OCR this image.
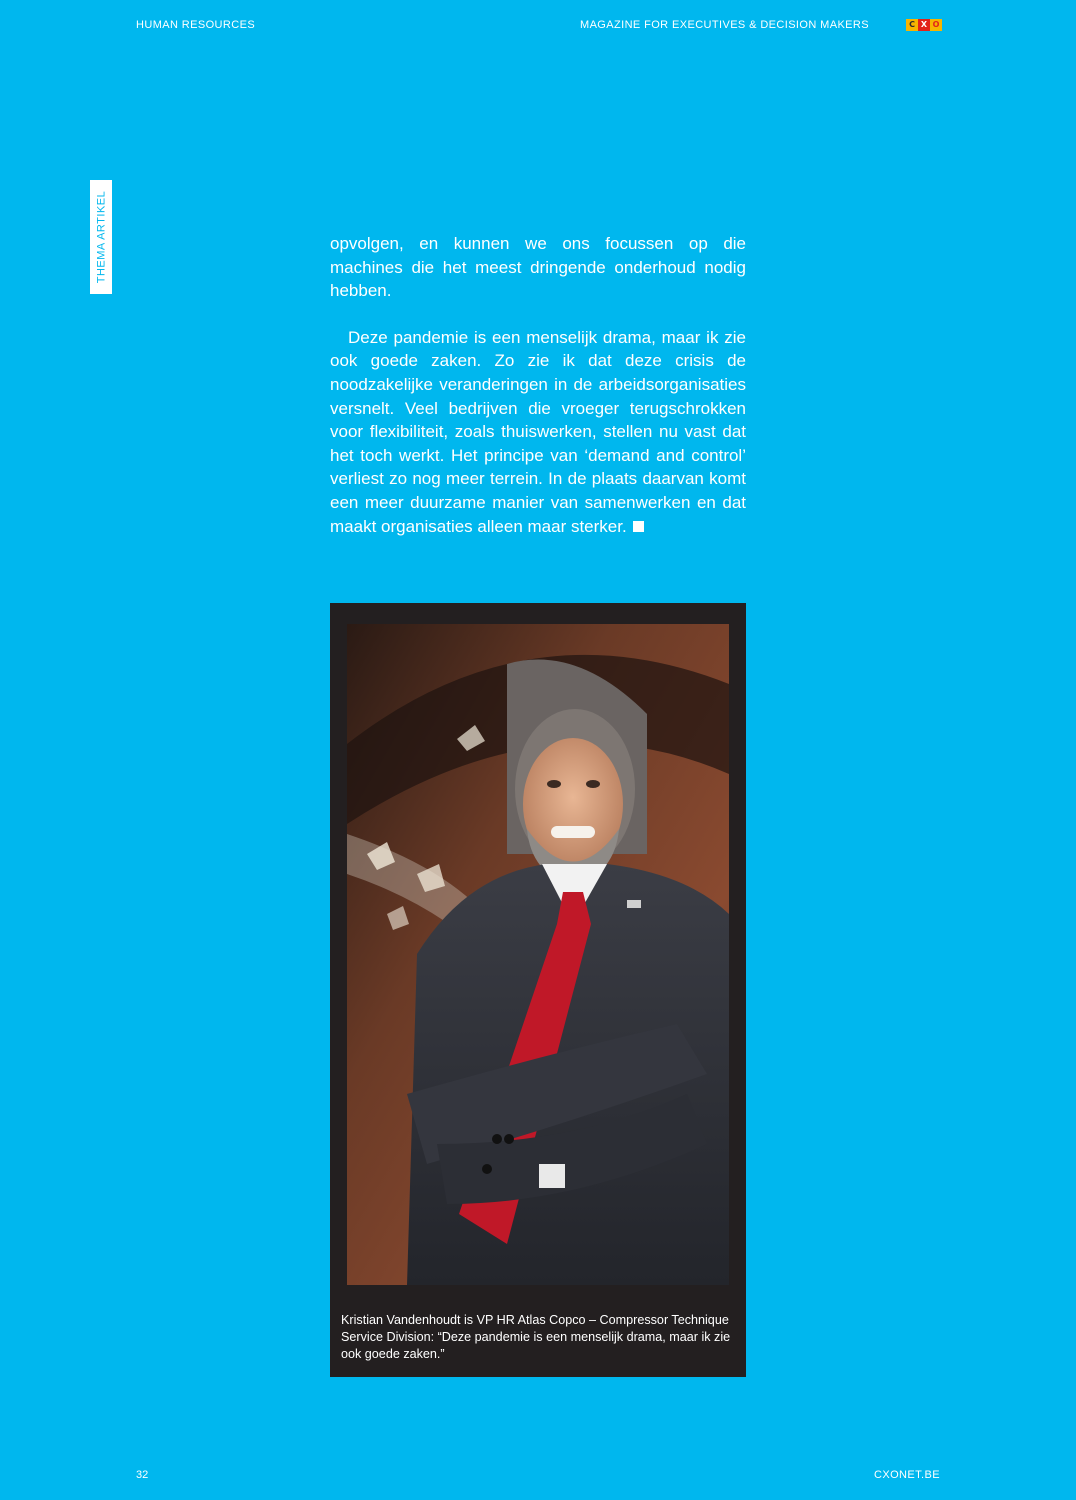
HUMAN RESOURCES	MAGAZINE FOR EXECUTIVES & DECISION MAKERS	C X O
THEMA ARTIKEL	opvolgen, en kunnen we ons focussen op die machines die het meest dringende onderhoud nodig hebben.

Deze pandemie is een menselijk drama, maar ik zie ook goede zaken. Zo zie ik dat deze crisis de noodzakelijke veranderingen in de arbeidsorganisaties versnelt. Veel bedrijven die vroeger terugschrokken voor flexibiliteit, zoals thuiswerken, stellen nu vast dat het toch werkt. Het principe van ‘demand and control’ verliest zo nog meer terrein. In de plaats daarvan komt een meer duurzame manier van samenwerken en dat maakt organisaties alleen maar sterker.

Kristian Vandenhoudt is VP HR Atlas Copco – Compressor Technique Service Division: “Deze pandemie is een menselijk drama, maar ik zie ook goede zaken.”
32	CXONET.BE
